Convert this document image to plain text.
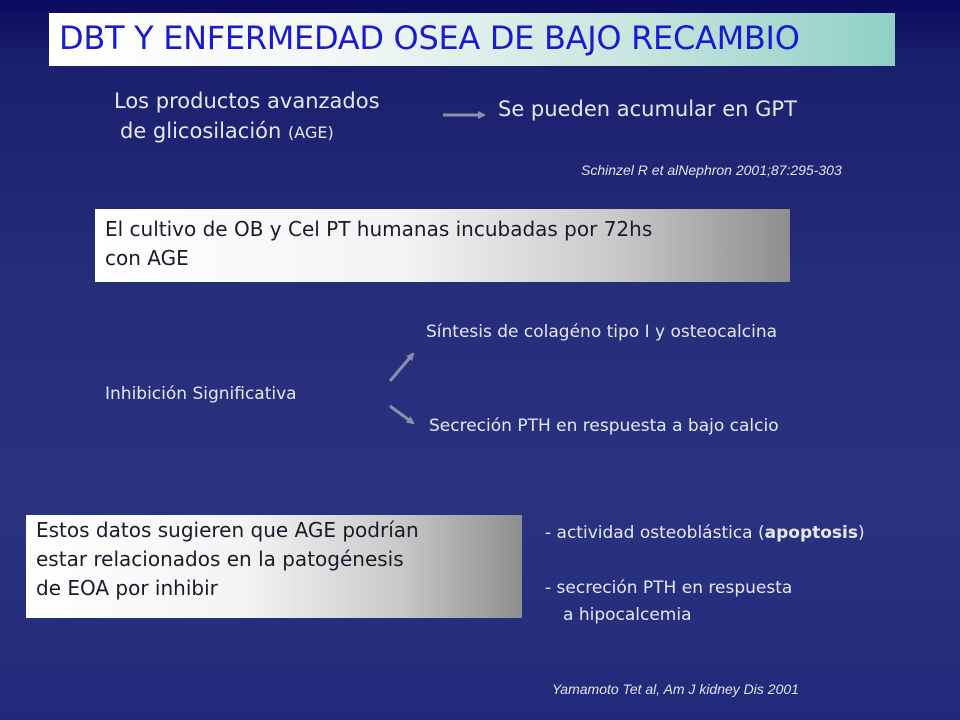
DBT Y ENFERMEDAD OSEA DE BAJO RECAMBIO
Los productos avanzados
de glicosilación (AGE)
Se pueden acumular en GPT
Schinzel R et alNephron 2001;87:295-303
El cultivo de OB y Cel PT humanas incubadas por 72hs
con AGE
Inhibición Significativa
Síntesis de colagéno tipo I y osteocalcina
Secreción PTH en respuesta a bajo calcio
Estos datos sugieren que AGE podrían
estar relacionados en la patogénesis
de EOA por inhibir
- actividad osteoblástica (apoptosis)
- secreción PTH en respuesta
a hipocalcemia
Yamamoto Tet al, Am J kidney Dis 2001
